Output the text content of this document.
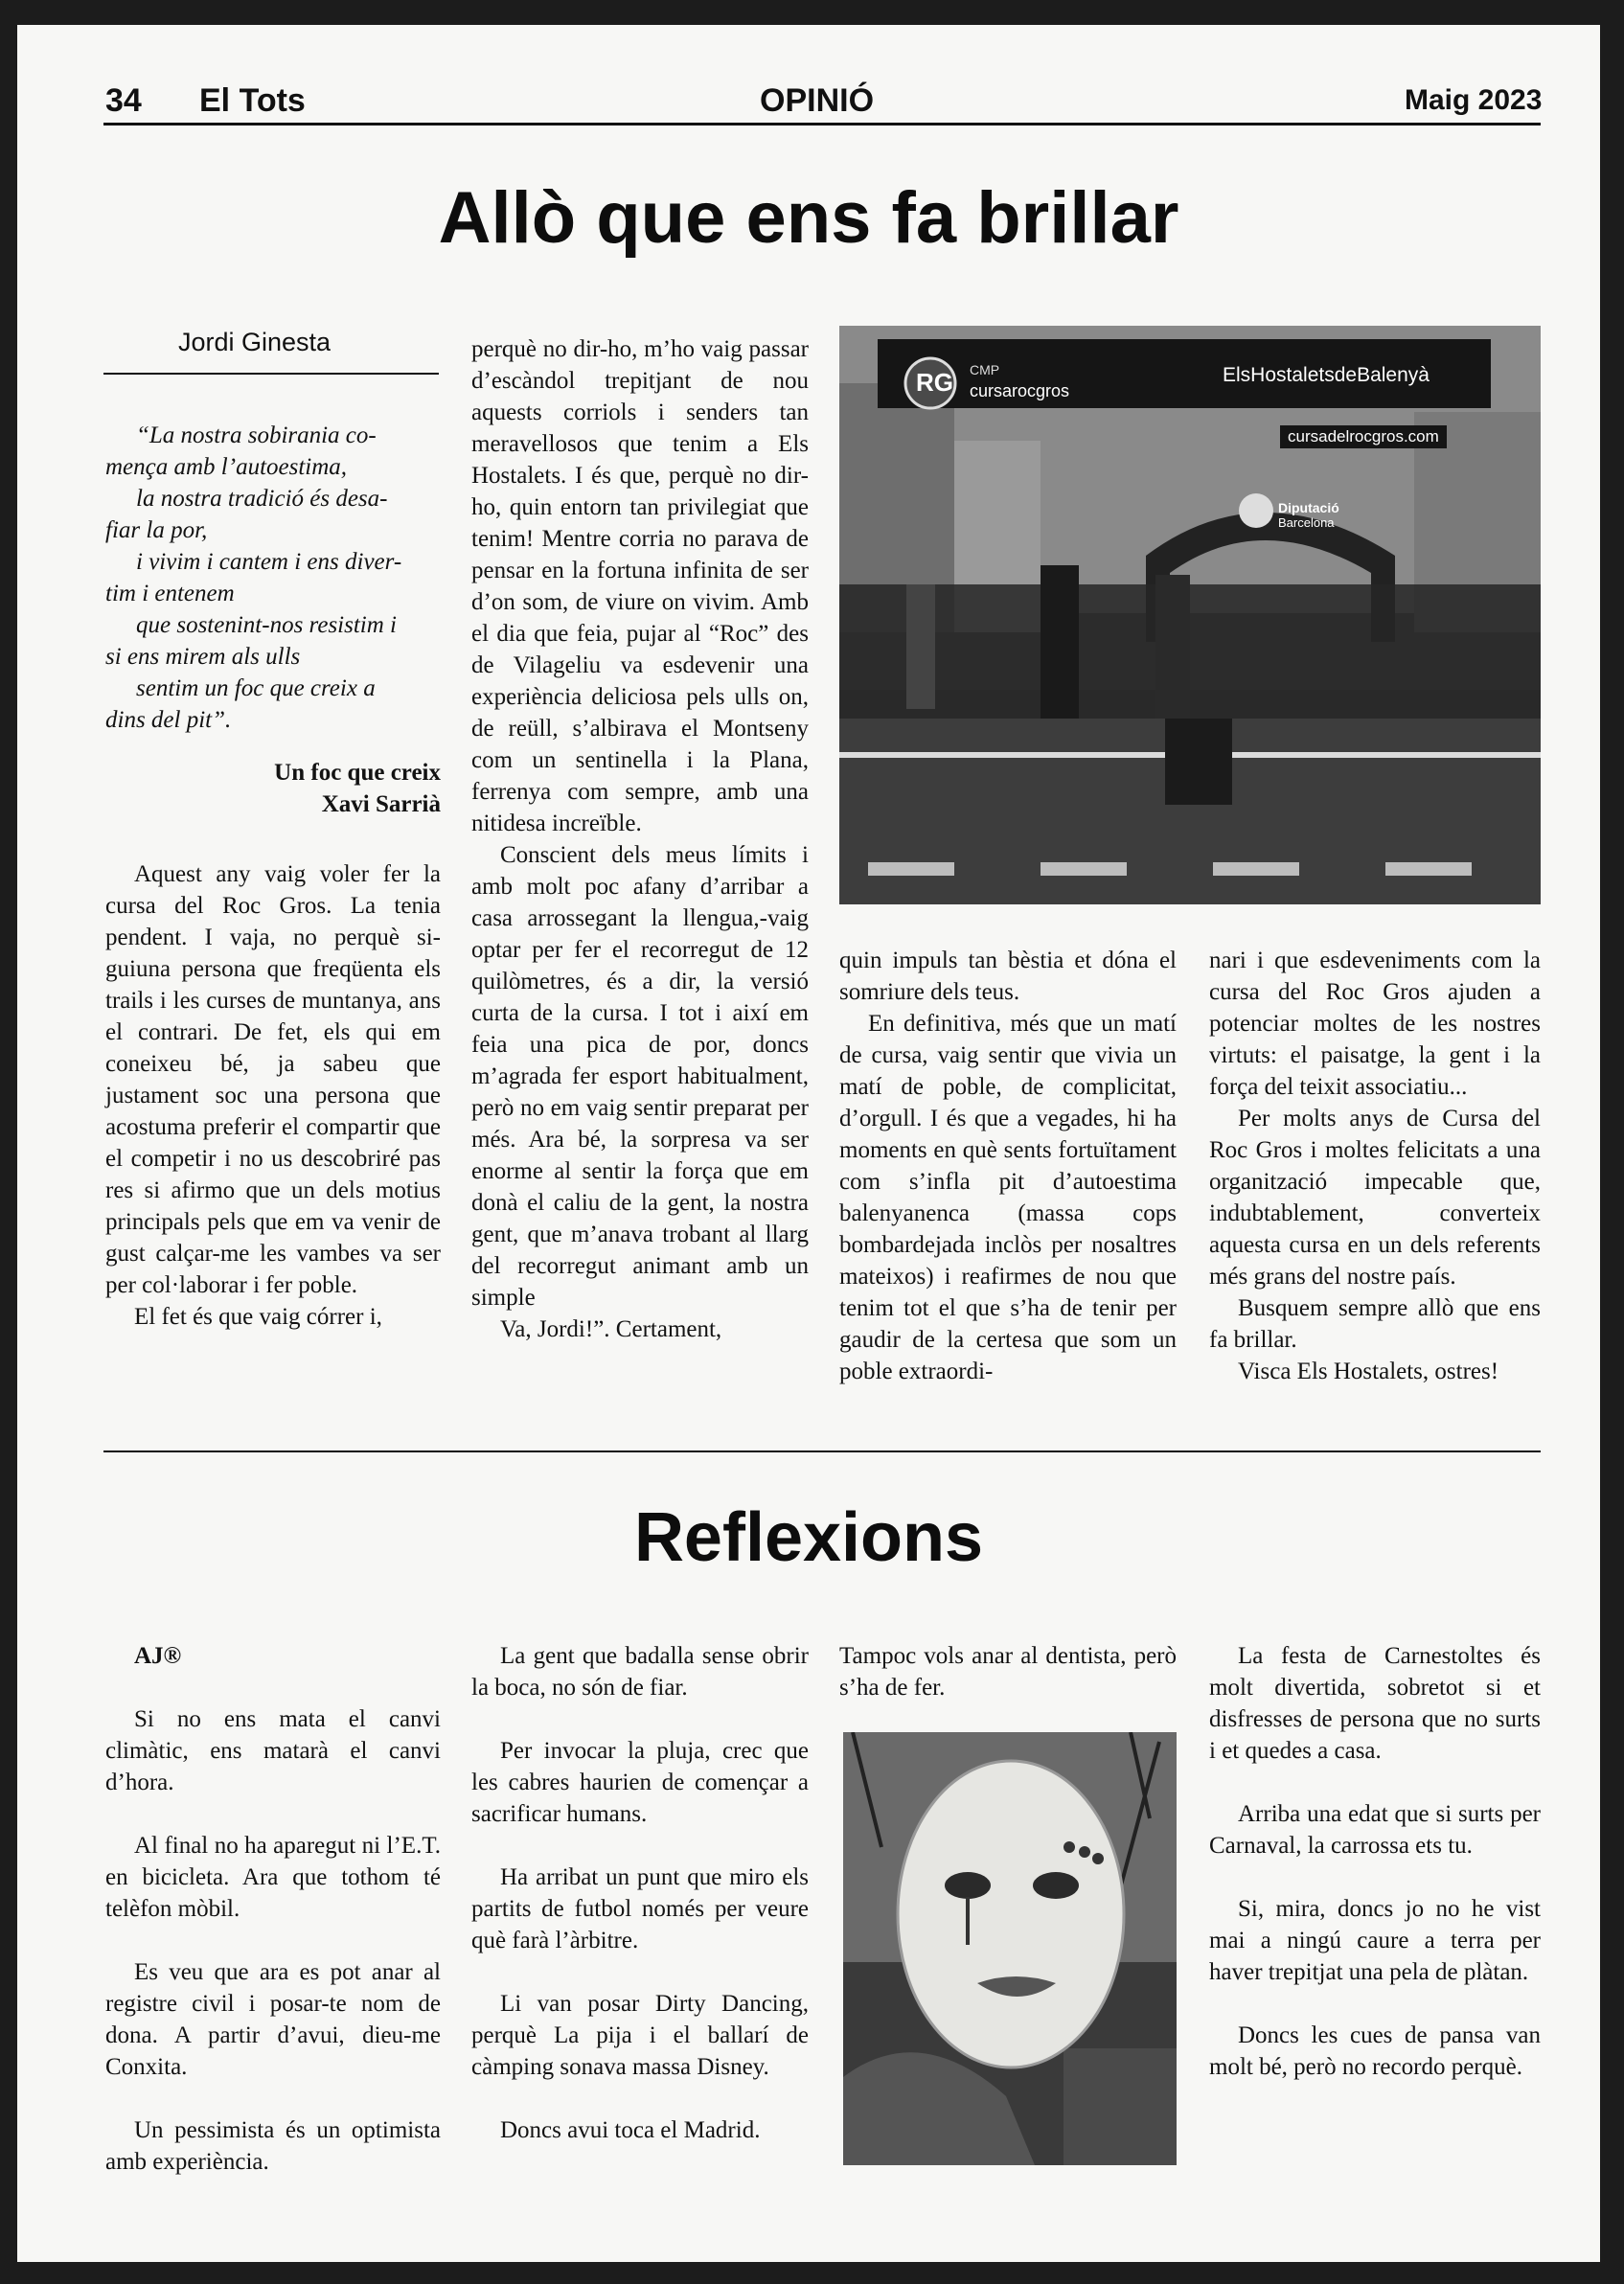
34 El Tots	OPINIÓ	Maig 2023
Allò que ens fa brillar
Jordi Ginesta

“La nostra sobirania co-

mença amb l’autoestima,

la nostra tradició és desa-

fiar la por,

i vivim i cantem i ens diver-

tim i entenem

que sostenint-nos resistim i

si ens mirem als ulls

sentim un foc que creix a

dins del pit”.

Un foc que creix

Xavi Sarrià

Aquest any vaig voler fer la cursa del Roc Gros. La tenia pendent. I vaja, no perquè si-guiuna persona que freqüenta els trails i les curses de muntanya, ans el contrari. De fet, els qui em coneixeu bé, ja sabeu que justament soc una persona que acostuma preferir el compartir que el competir i no us descobriré pas res si afirmo que un dels motius principals pels que em va venir de gust calçar-me les vambes va ser per col·laborar i fer poble.

El fet és que vaig córrer i,

perquè no dir-ho, m’ho vaig passar d’escàndol trepitjant de nou aquests corriols i senders tan meravellosos que tenim a Els Hostalets. I és que, perquè no dir-ho, quin entorn tan privilegiat que tenim! Mentre corria no parava de pensar en la fortuna infinita de ser d’on som, de viure on vivim. Amb el dia que feia, pujar al “Roc” des de Vilageliu va esdevenir una experiència deliciosa pels ulls on, de reüll, s’albirava el Montseny com un sentinella i la Plana, ferrenya com sempre, amb una nitidesa increïble.

Conscient dels meus límits i amb molt poc afany d’arribar a casa arrossegant la llengua,-vaig optar per fer el recorregut de 12 quilòmetres, és a dir, la versió curta de la cursa. I tot i així em feia una pica de por, doncs m’agrada fer esport habitualment, però no em vaig sentir preparat per més. Ara bé, la sorpresa va ser enorme al sentir la força que em donà el caliu de la gent, la nostra gent, que m’anava trobant al llarg del recorregut animant amb un simple

Va, Jordi!”. Certament,

RG CMP
cursarocgros
ElsHostaletsdeBalenyà
cursadelrocgros.com
Diputació
Barcelona

quin impuls tan bèstia et dóna el somriure dels teus.

En definitiva, més que un matí de cursa, vaig sentir que vivia un matí de poble, de complicitat, d’orgull. I és que a vegades, hi ha moments en què sents fortuïtament com s’infla pit d’autoestima balenyanenca (massa cops bombardejada inclòs per nosaltres mateixos) i reafirmes de nou que tenim tot el que s’ha de tenir per gaudir de la certesa que som un poble extraordi-

nari i que esdeveniments com la cursa del Roc Gros ajuden a potenciar moltes de les nostres virtuts: el paisatge, la gent i la força del teixit associatiu...

Per molts anys de Cursa del Roc Gros i moltes felicitats a una organització impecable que, indubtablement, converteix aquesta cursa en un dels referents més grans del nostre país.

Busquem sempre allò que ens fa brillar.

Visca Els Hostalets, ostres!

Reflexions

AJ®

Si no ens mata el canvi climàtic, ens matarà el canvi d’hora.

Al final no ha aparegut ni l’E.T. en bicicleta. Ara que tothom té telèfon mòbil.

Es veu que ara es pot anar al registre civil i posar-te nom de dona. A partir d’avui, dieu-me Conxita.

Un pessimista és un optimista amb experiència.

La gent que badalla sense obrir la boca, no són de fiar.

Per invocar la pluja, crec que les cabres haurien de començar a sacrificar humans.

Ha arribat un punt que miro els partits de futbol només per veure què farà l’àrbitre.

Li van posar Dirty Dancing, perquè La pija i el ballarí de càmping sonava massa Disney.

Doncs avui toca el Madrid.

Tampoc vols anar al dentista, però s’ha de fer.

La festa de Carnestoltes és molt divertida, sobretot si et disfresses de persona que no surts i et quedes a casa.

Arriba una edat que si surts per Carnaval, la carrossa ets tu.

Si, mira, doncs jo no he vist mai a ningú caure a terra per haver trepitjat una pela de plàtan.

Doncs les cues de pansa van molt bé, però no recordo perquè.
